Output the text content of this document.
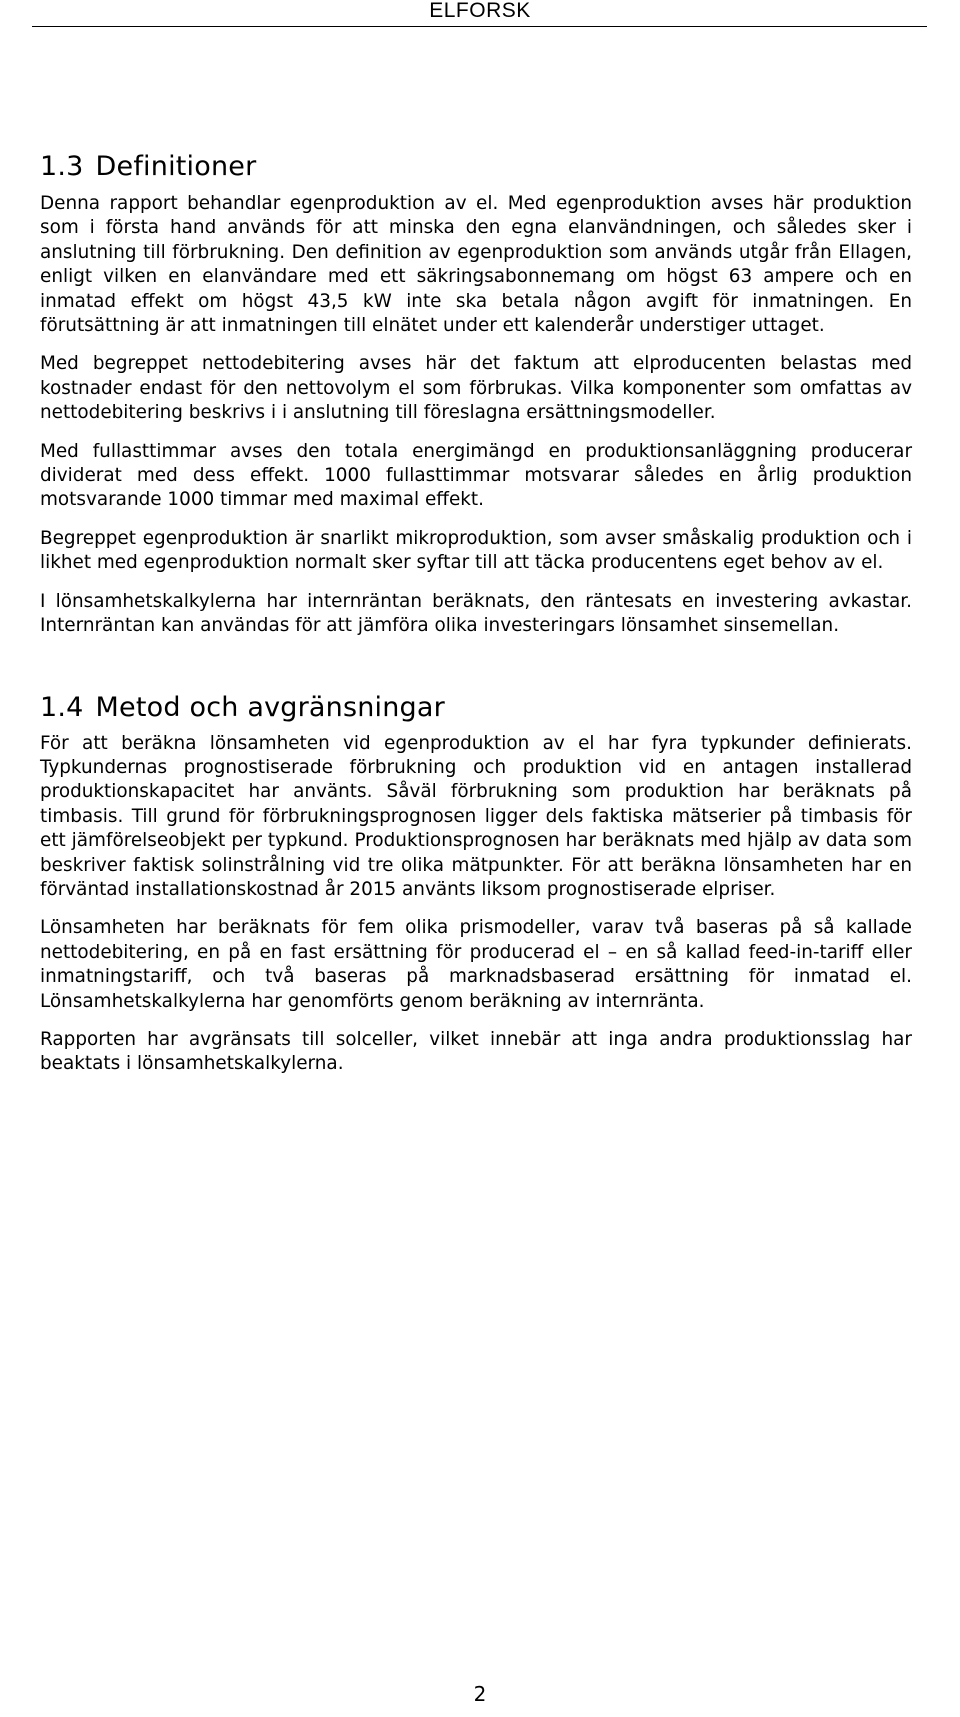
ELFORSK
1.3 Definitioner

Denna rapport behandlar egenproduktion av el. Med egenproduktion avses här produktion som i första hand används för att minska den egna elanvändningen, och således sker i anslutning till förbrukning. Den definition av egenproduktion som används utgår från Ellagen, enligt vilken en elanvändare med ett säkringsabonnemang om högst 63 ampere och en inmatad effekt om högst 43,5 kW inte ska betala någon avgift för inmatningen. En förutsättning är att inmatningen till elnätet under ett kalenderår understiger uttaget.

Med begreppet nettodebitering avses här det faktum att elproducenten belastas med kostnader endast för den nettovolym el som förbrukas. Vilka komponenter som omfattas av nettodebitering beskrivs i i anslutning till föreslagna ersättningsmodeller.

Med fullasttimmar avses den totala energimängd en produktionsanläggning producerar dividerat med dess effekt. 1000 fullasttimmar motsvarar således en årlig produktion motsvarande 1000 timmar med maximal effekt.

Begreppet egenproduktion är snarlikt mikroproduktion, som avser småskalig produktion och i likhet med egenproduktion normalt sker syftar till att täcka producentens eget behov av el.

I lönsamhetskalkylerna har internräntan beräknats, den räntesats en investering avkastar. Internräntan kan användas för att jämföra olika investeringars lönsamhet sinsemellan.

1.4 Metod och avgränsningar

För att beräkna lönsamheten vid egenproduktion av el har fyra typkunder definierats. Typkundernas prognostiserade förbrukning och produktion vid en antagen installerad produktionskapacitet har använts. Såväl förbrukning som produktion har beräknats på timbasis. Till grund för förbrukningsprognosen ligger dels faktiska mätserier på timbasis för ett jämförelseobjekt per typkund. Produktionsprognosen har beräknats med hjälp av data som beskriver faktisk solinstrålning vid tre olika mätpunkter. För att beräkna lönsamheten har en förväntad installationskostnad år 2015 använts liksom prognostiserade elpriser.

Lönsamheten har beräknats för fem olika prismodeller, varav två baseras på så kallade nettodebitering, en på en fast ersättning för producerad el – en så kallad feed-in-tariff eller inmatningstariff, och två baseras på marknadsbaserad ersättning för inmatad el. Lönsamhetskalkylerna har genomförts genom beräkning av internränta.

Rapporten har avgränsats till solceller, vilket innebär att inga andra produktionsslag har beaktats i lönsamhetskalkylerna.

2
